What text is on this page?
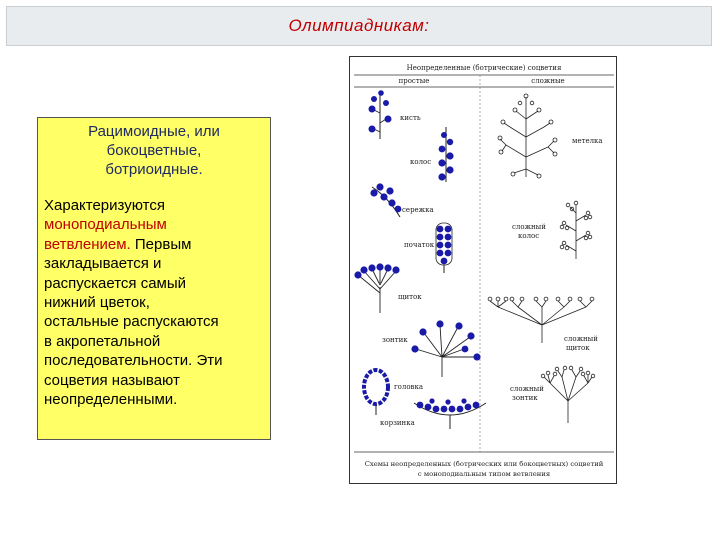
Олимпиадникам:
Рацимоидные, или
бокоцветные,
ботриоидные.
Характеризуются
моноподиальным
ветвлением. Первым
закладывается и
распускается самый
нижний цветок,
остальные распускаются
в акропетальной
последовательности. Эти
соцветия называют
неопределенными.
Неопределенные (ботрические) соцветия
простые	сложные
кисть
колос
метелка
сережка
початок
сложный
колос
щиток
сложный
щиток
зонтик
головка
корзинка
сложный
зонтик
Схемы неопределенных (ботрических или бокоцветных) соцветий
с моноподиальным типом ветвления
